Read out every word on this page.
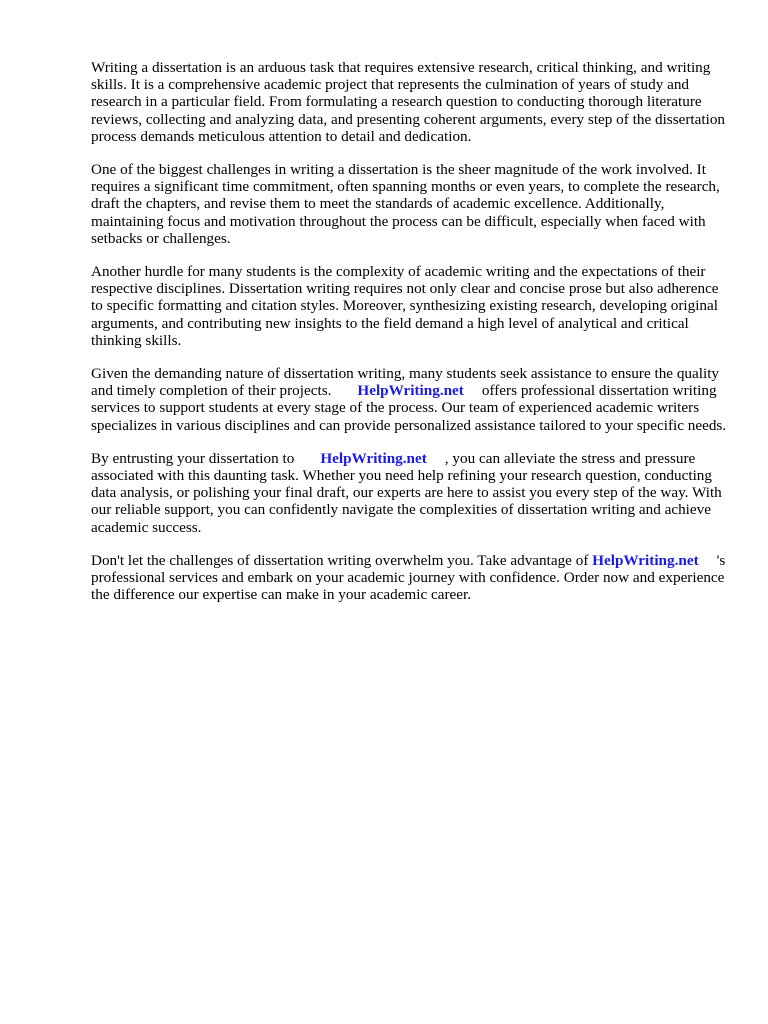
Writing a dissertation is an arduous task that requires extensive research, critical thinking, and writing skills. It is a comprehensive academic project that represents the culmination of years of study and research in a particular field. From formulating a research question to conducting thorough literature reviews, collecting and analyzing data, and presenting coherent arguments, every step of the dissertation process demands meticulous attention to detail and dedication.

One of the biggest challenges in writing a dissertation is the sheer magnitude of the work involved. It requires a significant time commitment, often spanning months or even years, to complete the research, draft the chapters, and revise them to meet the standards of academic excellence. Additionally, maintaining focus and motivation throughout the process can be difficult, especially when faced with setbacks or challenges.

Another hurdle for many students is the complexity of academic writing and the expectations of their respective disciplines. Dissertation writing requires not only clear and concise prose but also adherence to specific formatting and citation styles. Moreover, synthesizing existing research, developing original arguments, and contributing new insights to the field demand a high level of analytical and critical thinking skills.

Given the demanding nature of dissertation writing, many students seek assistance to ensure the quality and timely completion of their projects. HelpWriting.net offers professional dissertation writing services to support students at every stage of the process. Our team of experienced academic writers specializes in various disciplines and can provide personalized assistance tailored to your specific needs.

By entrusting your dissertation to HelpWriting.net , you can alleviate the stress and pressure associated with this daunting task. Whether you need help refining your research question, conducting data analysis, or polishing your final draft, our experts are here to assist you every step of the way. With our reliable support, you can confidently navigate the complexities of dissertation writing and achieve academic success.

Don't let the challenges of dissertation writing overwhelm you. Take advantage of HelpWriting.net 's professional services and embark on your academic journey with confidence. Order now and experience the difference our expertise can make in your academic career.
